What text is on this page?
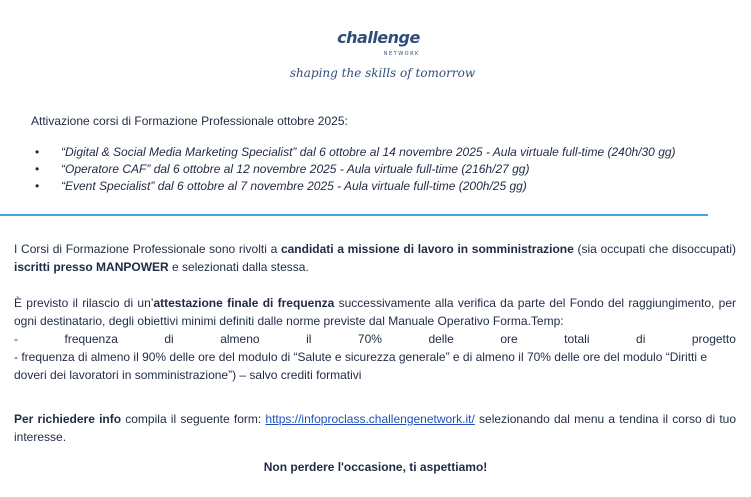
challenge
NETWORK
shaping the skills of tomorrow
Attivazione corsi di Formazione Professionale ottobre 2025:
• “Digital & Social Media Marketing Specialist” dal 6 ottobre al 14 novembre 2025 - Aula virtuale full-time (240h/30 gg)
• “Operatore CAF” dal 6 ottobre al 12 novembre 2025 - Aula virtuale full-time (216h/27 gg)
• “Event Specialist” dal 6 ottobre al 7 novembre 2025 - Aula virtuale full-time (200h/25 gg)

I Corsi di Formazione Professionale sono rivolti a candidati a missione di lavoro in somministrazione (sia occupati che disoccupati) iscritti presso MANPOWER e selezionati dalla stessa.

È previsto il rilascio di un’attestazione finale di frequenza successivamente alla verifica da parte del Fondo del raggiungimento, per ogni destinatario, degli obiettivi minimi definiti dalle norme previste dal Manuale Operativo Forma.Temp:
-	frequenza	di	almeno	il	70%	delle	ore	totali	di	progetto
- frequenza di almeno il 90% delle ore del modulo di “Salute e sicurezza generale” e di almeno il 70% delle ore del modulo “Diritti e doveri dei lavoratori in somministrazione”) – salvo crediti formativi

Per richiedere info compila il seguente form: https://infoproclass.challengenetwork.it/ selezionando dal menu a tendina il corso di tuo interesse.

Non perdere l'occasione, ti aspettiamo!
